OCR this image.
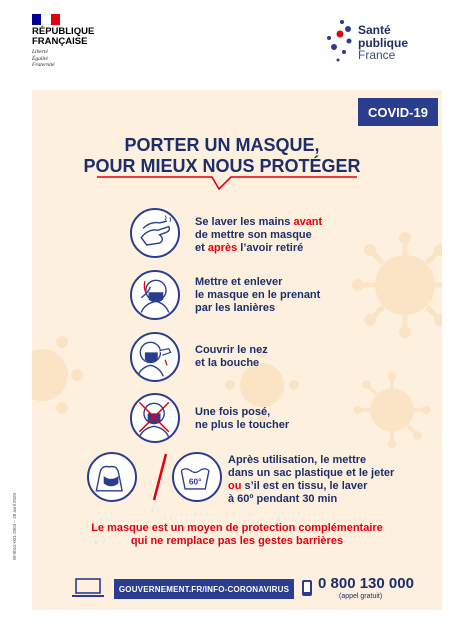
RÉPUBLIQUE
FRANÇAISE
Liberté
Égalité
Fraternité
Santé
publique
France
COVID-19
PORTER UN MASQUE,
POUR MIEUX NOUS PROTÉGER
Se laver les mains avant
de mettre son masque
et après l’avoir retiré
Mettre et enlever
le masque en le prenant
par les lanières
Couvrir le nez
et la bouche
Une fois posé,
ne plus le toucher
60°
Après utilisation, le mettre
dans un sac plastique et le jeter
ou s’il est en tissu, le laver
à 60º pendant 30 min
Le masque est un moyen de protection complémentaire
qui ne remplace pas les gestes barrières
GOUVERNEMENT.FR/INFO-CORONAVIRUS	0 800 130 000
(appel gratuit)
W-0015-001-2003 – 28 avril 2020
